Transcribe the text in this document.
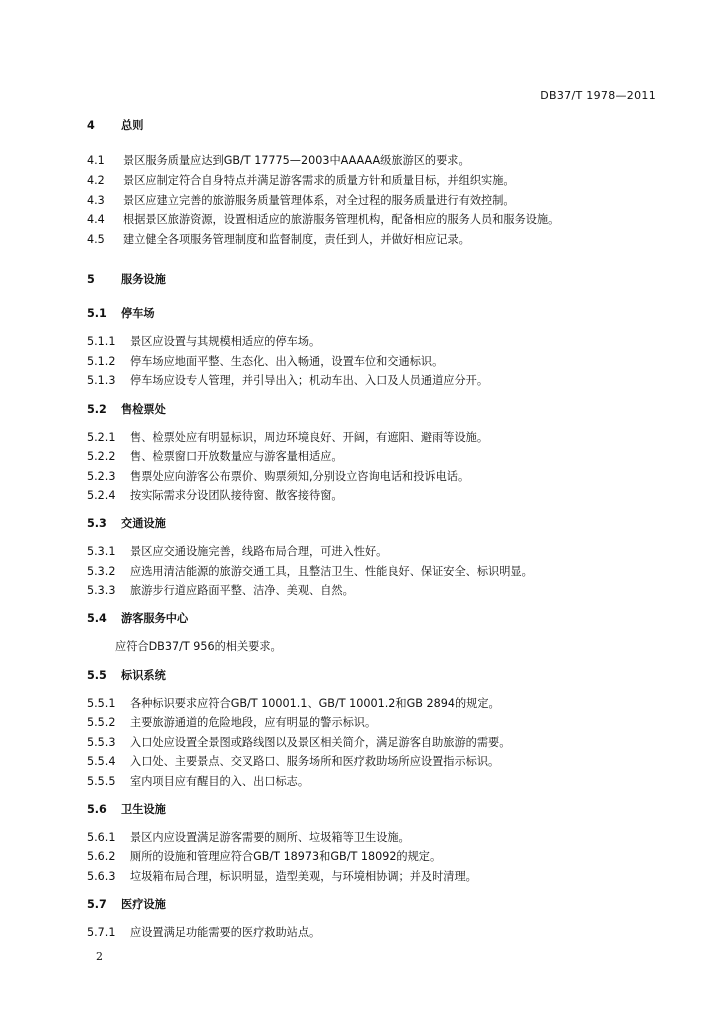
DB37/T 1978—2011
4 总则
4.1 景区服务质量应达到GB/T 17775—2003中AAAAA级旅游区的要求。
4.2 景区应制定符合自身特点并满足游客需求的质量方针和质量目标，并组织实施。
4.3 景区应建立完善的旅游服务质量管理体系，对全过程的服务质量进行有效控制。
4.4 根据景区旅游资源，设置相适应的旅游服务管理机构，配备相应的服务人员和服务设施。
4.5 建立健全各项服务管理制度和监督制度，责任到人，并做好相应记录。
5 服务设施
5.1 停车场
5.1.1 景区应设置与其规模相适应的停车场。
5.1.2 停车场应地面平整、生态化、出入畅通，设置车位和交通标识。
5.1.3 停车场应设专人管理，并引导出入；机动车出、入口及人员通道应分开。
5.2 售检票处
5.2.1 售、检票处应有明显标识，周边环境良好、开阔，有遮阳、避雨等设施。
5.2.2 售、检票窗口开放数量应与游客量相适应。
5.2.3 售票处应向游客公布票价、购票须知,分别设立咨询电话和投诉电话。
5.2.4 按实际需求分设团队接待窗、散客接待窗。
5.3 交通设施
5.3.1 景区应交通设施完善，线路布局合理，可进入性好。
5.3.2 应选用清洁能源的旅游交通工具，且整洁卫生、性能良好、保证安全、标识明显。
5.3.3 旅游步行道应路面平整、洁净、美观、自然。
5.4 游客服务中心
应符合DB37/T 956的相关要求。
5.5 标识系统
5.5.1 各种标识要求应符合GB/T 10001.1、GB/T 10001.2和GB 2894的规定。
5.5.2 主要旅游通道的危险地段，应有明显的警示标识。
5.5.3 入口处应设置全景图或路线图以及景区相关简介，满足游客自助旅游的需要。
5.5.4 入口处、主要景点、交叉路口、服务场所和医疗救助场所应设置指示标识。
5.5.5 室内项目应有醒目的入、出口标志。
5.6 卫生设施
5.6.1 景区内应设置满足游客需要的厕所、垃圾箱等卫生设施。
5.6.2 厕所的设施和管理应符合GB/T 18973和GB/T 18092的规定。
5.6.3 垃圾箱布局合理，标识明显，造型美观，与环境相协调；并及时清理。
5.7 医疗设施
5.7.1 应设置满足功能需要的医疗救助站点。
2
